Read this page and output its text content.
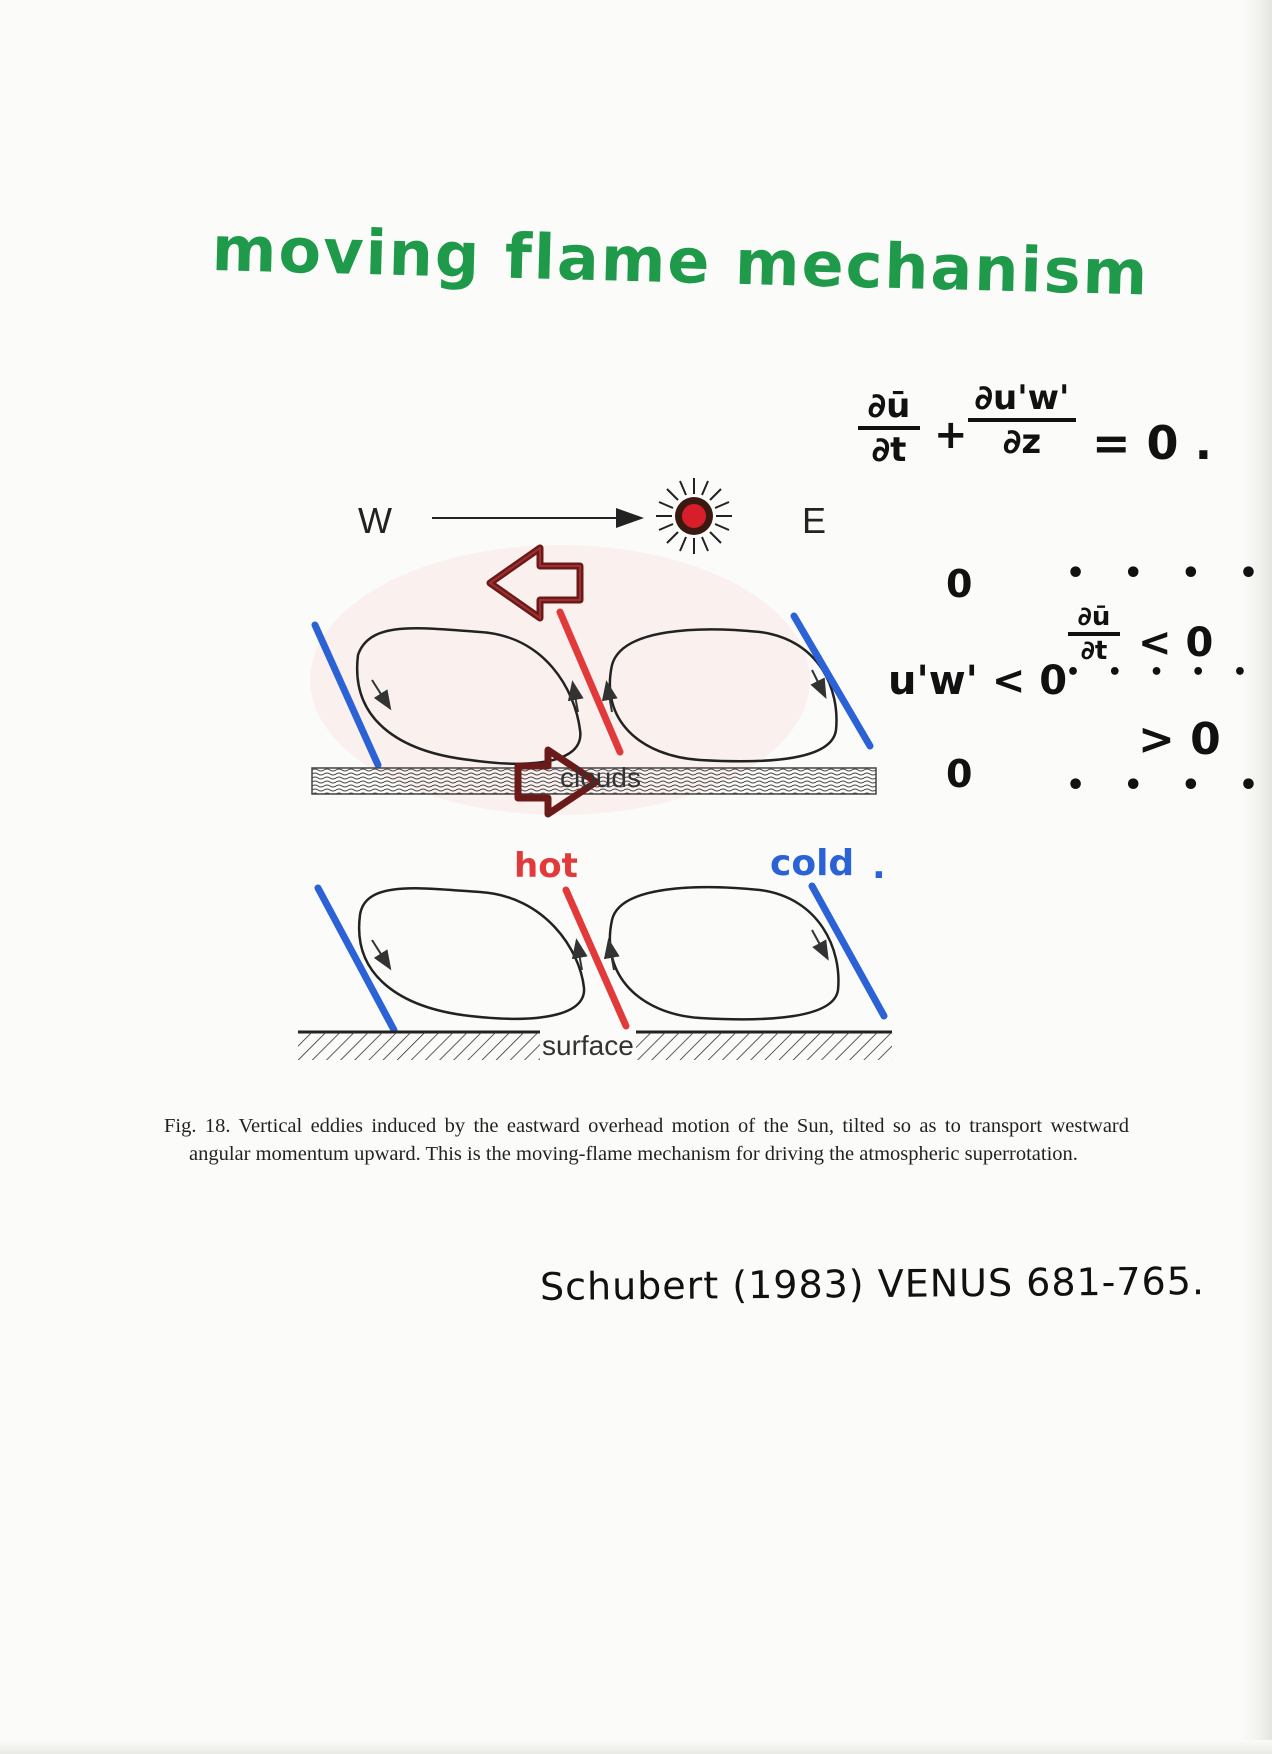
moving flame mechanism

∂ū
∂t +
∂u'w'
∂z	= 0 .
0
u'w' < 0
0
∂ū
∂t < 0
> 0
• • • •
• • • • •
• • • •

W	E

clouds

surface

hot	cold .

Fig. 18. Vertical eddies induced by the eastward overhead motion of the Sun, tilted so as to transport westward angular momentum upward. This is the moving-flame mechanism for driving the atmospheric superrotation.

Schubert (1983) VENUS 681-765.
